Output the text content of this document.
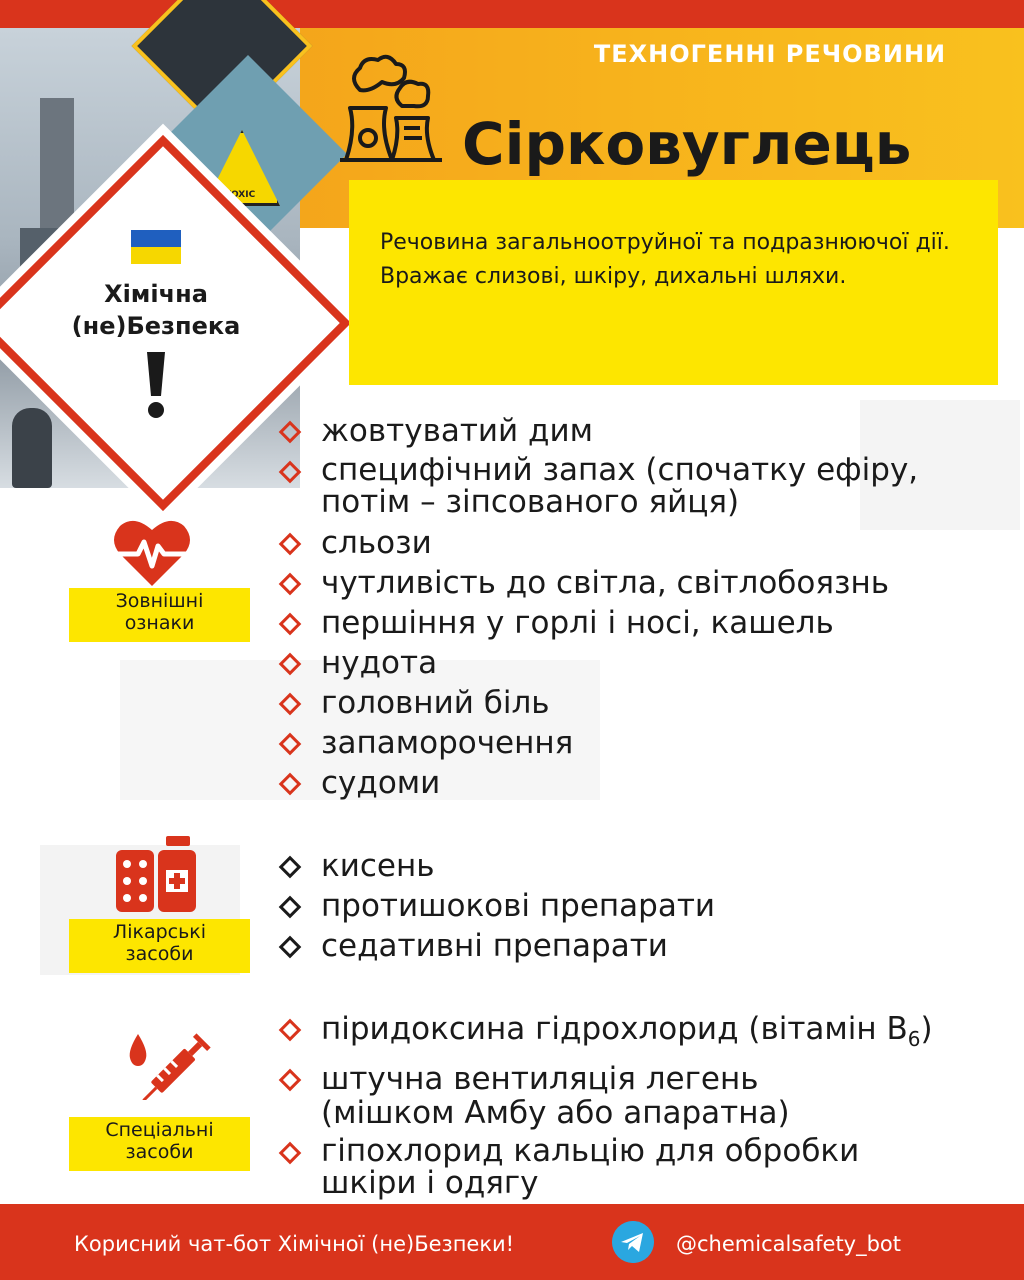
TOXIC
Хімічна
(не)Безпека
ТЕХНОГЕННІ РЕЧОВИНИ
Сірковуглець
Речовина загальноотруйної та подразнюючої дії. Вражає слизові, шкіру, дихальні шляхи.
Зовнішні
ознаки
жовтуватий дим
специфічний запах (спочатку ефіру,
потім – зіпсованого яйця)
сльози
чутливість до світла, світлобоязнь
першіння у горлі і носі, кашель
нудота
головний біль
запаморочення
судоми
Лікарські
засоби
кисень
протишокові препарати
седативні препарати
Спеціальні
засоби
піридоксина гідрохлорид (вітамін $B_6$)
штучна вентиляція легень
(мішком Амбу або апаратна)
гіпохлорид кальцію для обробки
шкіри і одягу
Корисний чат-бот Хімічної (не)Безпеки!	@chemicalsafety_bot
